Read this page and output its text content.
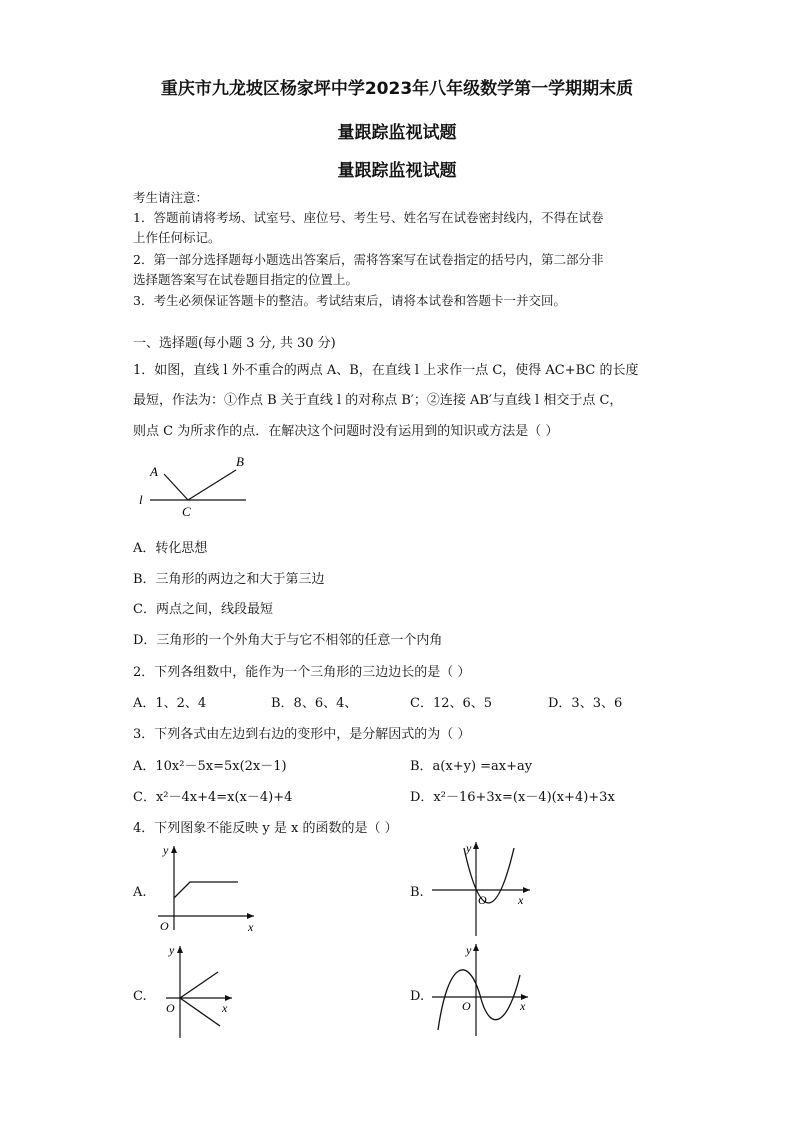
重庆市九龙坡区杨家坪中学2023年八年级数学第一学期期末质
量跟踪监视试题
量跟踪监视试题
考生请注意：
1．答题前请将考场、试室号、座位号、考生号、姓名写在试卷密封线内，不得在试卷
上作任何标记。
2．第一部分选择题每小题选出答案后，需将答案写在试卷指定的括号内，第二部分非
选择题答案写在试卷题目指定的位置上。
3．考生必须保证答题卡的整洁。考试结束后，请将本试卷和答题卡一并交回。
一、选择题(每小题 3 分, 共 30 分)
1．如图，直线 l 外不重合的两点 A、B，在直线 l 上求作一点 C，使得 AC+BC 的长度
最短，作法为：①作点 B 关于直线 l 的对称点 B′；②连接 AB′与直线 l 相交于点 C，
则点 C 为所求作的点．在解决这个问题时没有运用到的知识或方法是（ ）
A
B
C
l
A．转化思想
B．三角形的两边之和大于第三边
C．两点之间，线段最短
D．三角形的一个外角大于与它不相邻的任意一个内角
2．下列各组数中，能作为一个三角形的三边边长的是（ ）
A．1、2、4	B．8、6、4、	C．12、6、5	D．3、3、6
3．下列各式由左边到右边的变形中，是分解因式的为（ ）
A．10x²－5x=5x(2x－1)	B．a(x+y) =ax+ay
C．x²－4x+4=x(x－4)+4	D．x²－16+3x=(x－4)(x+4)+3x
4．下列图象不能反映 y 是 x 的函数的是（ ）
A.
x
y
O
B.	x
y
O
C.
x
y
O
D.
x
y
O
